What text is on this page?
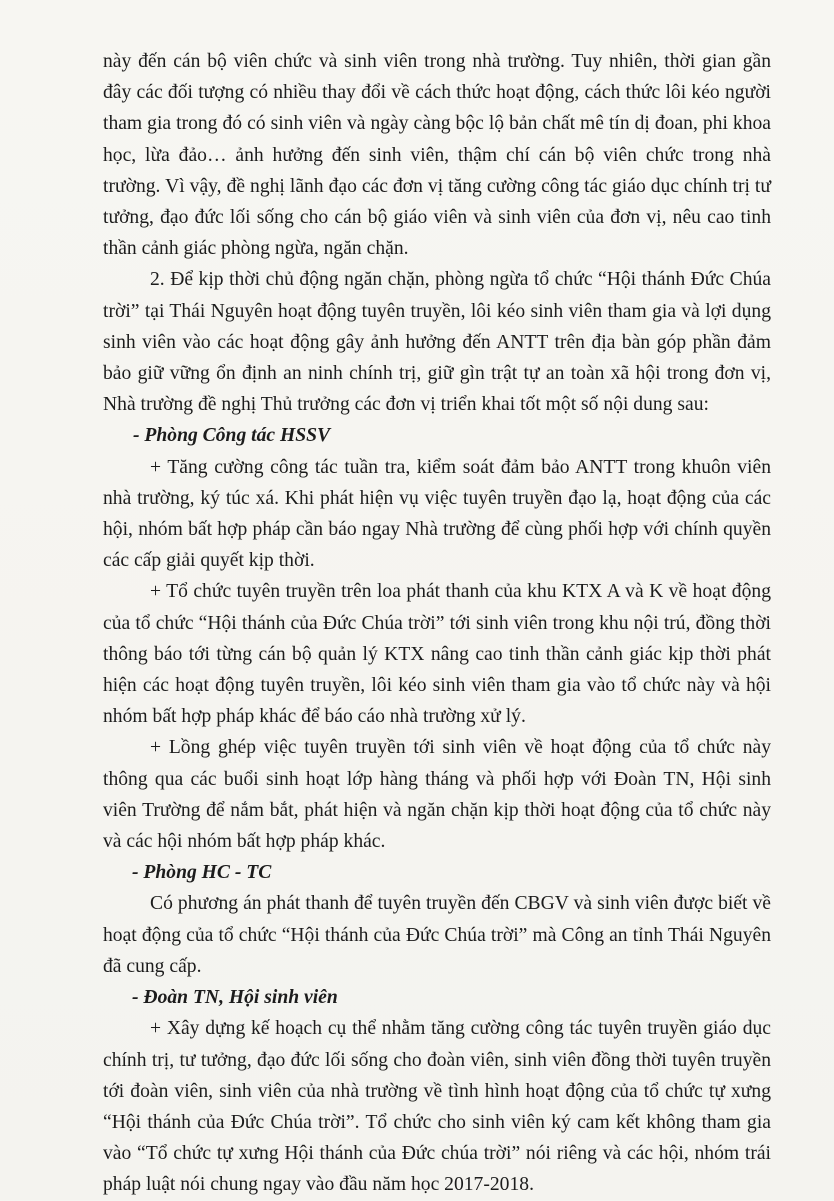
này đến cán bộ viên chức và sinh viên trong nhà trường. Tuy nhiên, thời gian gần đây các đối tượng có nhiều thay đổi về cách thức hoạt động, cách thức lôi kéo người tham gia trong đó có sinh viên và ngày càng bộc lộ bản chất mê tín dị đoan, phi khoa học, lừa đảo… ảnh hưởng đến sinh viên, thậm chí cán bộ viên chức trong nhà trường. Vì vậy, đề nghị lãnh đạo các đơn vị tăng cường công tác giáo dục chính trị tư tưởng, đạo đức lối sống cho cán bộ giáo viên và sinh viên của đơn vị, nêu cao tinh thần cảnh giác phòng ngừa, ngăn chặn.

2. Để kịp thời chủ động ngăn chặn, phòng ngừa tổ chức “Hội thánh Đức Chúa trời” tại Thái Nguyên hoạt động tuyên truyền, lôi kéo sinh viên tham gia và lợi dụng sinh viên vào các hoạt động gây ảnh hưởng đến ANTT trên địa bàn góp phần đảm bảo giữ vững ổn định an ninh chính trị, giữ gìn trật tự an toàn xã hội trong đơn vị, Nhà trường đề nghị Thủ trưởng các đơn vị triển khai tốt một số nội dung sau:

- Phòng Công tác HSSV

+ Tăng cường công tác tuần tra, kiểm soát đảm bảo ANTT trong khuôn viên nhà trường, ký túc xá. Khi phát hiện vụ việc tuyên truyền đạo lạ, hoạt động của các hội, nhóm bất hợp pháp cần báo ngay Nhà trường để cùng phối hợp với chính quyền các cấp giải quyết kịp thời.

+ Tổ chức tuyên truyền trên loa phát thanh của khu KTX A và K về hoạt động của tổ chức “Hội thánh của Đức Chúa trời” tới sinh viên trong khu nội trú, đồng thời thông báo tới từng cán bộ quản lý KTX nâng cao tinh thần cảnh giác kịp thời phát hiện các hoạt động tuyên truyền, lôi kéo sinh viên tham gia vào tổ chức này và hội nhóm bất hợp pháp khác để báo cáo nhà trường xử lý.

+ Lồng ghép việc tuyên truyền tới sinh viên về hoạt động của tổ chức này thông qua các buổi sinh hoạt lớp hàng tháng và phối hợp với Đoàn TN, Hội sinh viên Trường để nắm bắt, phát hiện và ngăn chặn kịp thời hoạt động của tổ chức này và các hội nhóm bất hợp pháp khác.

- Phòng HC - TC

Có phương án phát thanh để tuyên truyền đến CBGV và sinh viên được biết về hoạt động của tổ chức “Hội thánh của Đức Chúa trời” mà Công an tỉnh Thái Nguyên đã cung cấp.

- Đoàn TN, Hội sinh viên

+ Xây dựng kế hoạch cụ thể nhằm tăng cường công tác tuyên truyền giáo dục chính trị, tư tưởng, đạo đức lối sống cho đoàn viên, sinh viên đồng thời tuyên truyền tới đoàn viên, sinh viên của nhà trường về tình hình hoạt động của tổ chức tự xưng “Hội thánh của Đức Chúa trời”. Tổ chức cho sinh viên ký cam kết không tham gia vào “Tổ chức tự xưng Hội thánh của Đức chúa trời” nói riêng và các hội, nhóm trái pháp luật nói chung ngay vào đầu năm học 2017-2018.
